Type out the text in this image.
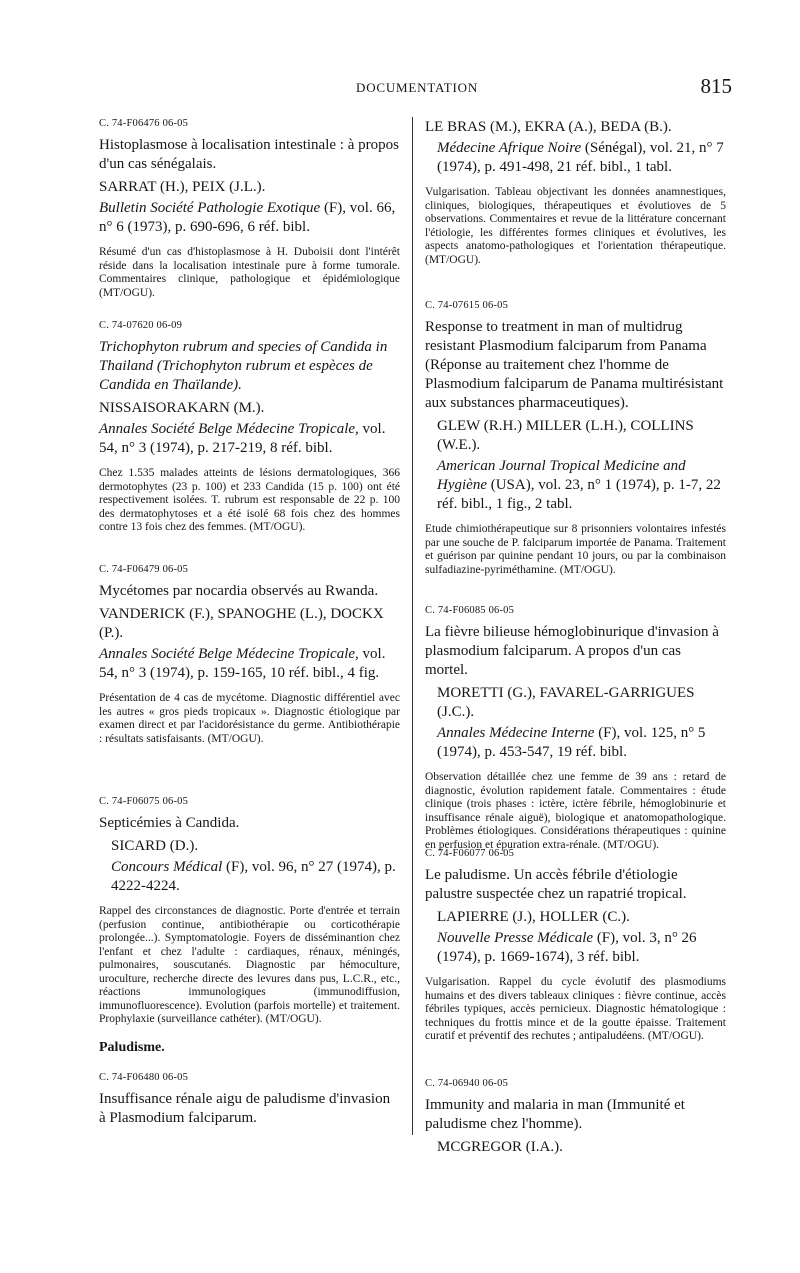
DOCUMENTATION	815
C. 74-F06476 06-05
Histoplasmose à localisation intestinale : à propos d'un cas sénégalais.
SARRAT (H.), PEIX (J.L.).
Bulletin Société Pathologie Exotique (F), vol. 66, n° 6 (1973), p. 690-696, 6 réf. bibl.
Résumé d'un cas d'histoplasmose à H. Duboisii dont l'intérêt réside dans la localisation intestinale pure à forme tumorale. Commentaires clinique, pathologique et épidémiologique (MT/OGU).
C. 74-07620 06-09
Trichophyton rubrum and species of Candida in Thailand (Trichophyton rubrum et espèces de Candida en Thaïlande).
NISSAISORAKARN (M.).
Annales Société Belge Médecine Tropicale, vol. 54, n° 3 (1974), p. 217-219, 8 réf. bibl.
Chez 1.535 malades atteints de lésions dermatologiques, 366 dermotophytes (23 p. 100) et 233 Candida (15 p. 100) ont été respectivement isolées. T. rubrum est responsable de 22 p. 100 des dermatophytoses et a été isolé 68 fois chez des hommes contre 13 fois chez des femmes. (MT/OGU).
C. 74-F06479 06-05
Mycétomes par nocardia observés au Rwanda.
VANDERICK (F.), SPANOGHE (L.), DOCKX (P.).
Annales Société Belge Médecine Tropicale, vol. 54, n° 3 (1974), p. 159-165, 10 réf. bibl., 4 fig.
Présentation de 4 cas de mycétome. Diagnostic différentiel avec les autres « gros pieds tropicaux ». Diagnostic étiologique par examen direct et par l'acidorésistance du germe. Antibiothérapie : résultats satisfaisants. (MT/OGU).
C. 74-F06075 06-05
Septicémies à Candida.
SICARD (D.).
Concours Médical (F), vol. 96, n° 27 (1974), p. 4222-4224.
Rappel des circonstances de diagnostic. Porte d'entrée et terrain (perfusion continue, antibiothérapie ou corticothérapie prolongée...). Symptomatologie. Foyers de disséminantion chez l'enfant et chez l'adulte : cardiaques, rénaux, méningés, pulmonaires, souscutanés. Diagnostic par hémoculture, uroculture, recherche directe des levures dans pus, L.C.R., etc., réactions immunologiques (immunodiffusion, immunofluorescence). Evolution (parfois mortelle) et traitement. Prophylaxie (surveillance cathéter). (MT/OGU).
Paludisme.
C. 74-F06480 06-05
Insuffisance rénale aigu de paludisme d'invasion à Plasmodium falciparum.
LE BRAS (M.), EKRA (A.), BEDA (B.).
Médecine Afrique Noire (Sénégal), vol. 21, n° 7 (1974), p. 491-498, 21 réf. bibl., 1 tabl.
Vulgarisation. Tableau objectivant les données anamnestiques, cliniques, biologiques, thérapeutiques et évolutioves de 5 observations. Commentaires et revue de la littérature concernant l'étiologie, les différentes formes cliniques et évolutives, les aspects anatomo-pathologiques et l'orientation thérapeutique. (MT/OGU).
C. 74-07615 06-05
Response to treatment in man of multidrug resistant Plasmodium falciparum from Panama (Réponse au traitement chez l'homme de Plasmodium falciparum de Panama multirésistant aux substances pharmaceutiques).
GLEW (R.H.) MILLER (L.H.), COLLINS (W.E.).
American Journal Tropical Medicine and Hygiène (USA), vol. 23, n° 1 (1974), p. 1-7, 22 réf. bibl., 1 fig., 2 tabl.
Etude chimiothérapeutique sur 8 prisonniers volontaires infestés par une souche de P. falciparum importée de Panama. Traitement et guérison par quinine pendant 10 jours, ou par la combinaison sulfadiazine-pyriméthamine. (MT/OGU).
C. 74-F06085 06-05
La fièvre bilieuse hémoglobinurique d'invasion à plasmodium falciparum. A propos d'un cas mortel.
MORETTI (G.), FAVAREL-GARRIGUES (J.C.).
Annales Médecine Interne (F), vol. 125, n° 5 (1974), p. 453-547, 19 réf. bibl.
Observation détaillée chez une femme de 39 ans : retard de diagnostic, évolution rapidement fatale. Commentaires : étude clinique (trois phases : ictère, ictère fébrile, hémoglobinurie et insuffisance rénale aiguë), biologique et anatomopathologique. Problèmes étiologiques. Considérations thérapeutiques : quinine en perfusion et épuration extra-rénale. (MT/OGU).
C. 74-F06077 06-05
Le paludisme. Un accès fébrile d'étiologie palustre suspectée chez un rapatrié tropical.
LAPIERRE (J.), HOLLER (C.).
Nouvelle Presse Médicale (F), vol. 3, n° 26 (1974), p. 1669-1674), 3 réf. bibl.
Vulgarisation. Rappel du cycle évolutif des plasmodiums humains et des divers tableaux cliniques : fièvre continue, accès fébriles typiques, accès pernicieux. Diagnostic hématologique : techniques du frottis mince et de la goutte épaisse. Traitement curatif et préventif des rechutes ; antipaludéens. (MT/OGU).
C. 74-06940 06-05
Immunity and malaria in man (Immunité et paludisme chez l'homme).
MCGREGOR (I.A.).
